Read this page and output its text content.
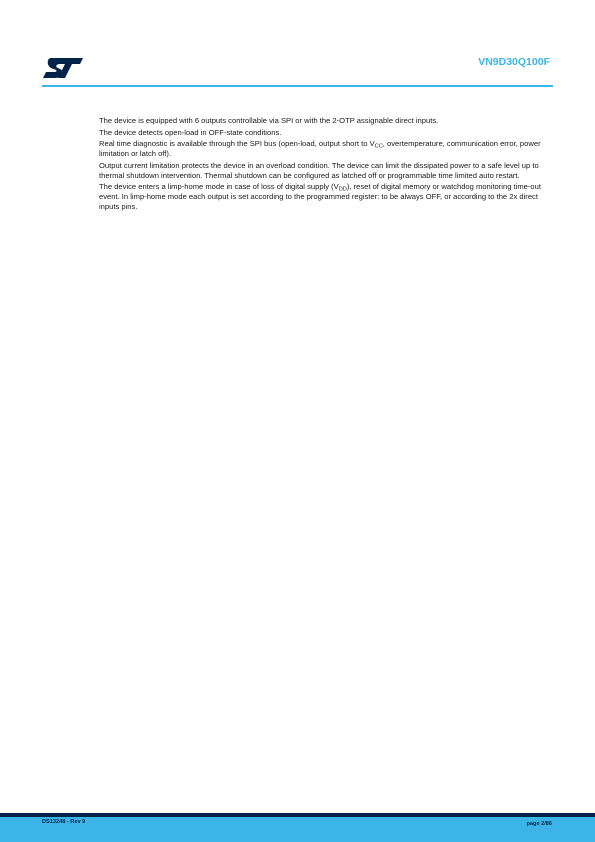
VN9D30Q100F

The device is equipped with 6 outputs controllable via SPI or with the 2-OTP assignable direct inputs.

The device detects open-load in OFF-state conditions.

Real time diagnostic is available through the SPI bus (open-load, output short to $V_{CC}$, overtemperature, communication error, power limitation or latch off).

Output current limitation protects the device in an overload condition. The device can limit the dissipated power to a safe level up to thermal shutdown intervention. Thermal shutdown can be configured as latched off or programmable time limited auto restart.

The device enters a limp-home mode in case of loss of digital supply $(V_{DD})$, reset of digital memory or watchdog monitoring time-out event. In limp-home mode each output is set according to the programmed register: to be always OFF, or according to the 2x direct inputs pins.

DS13248 - Rev 9	page 2/86
